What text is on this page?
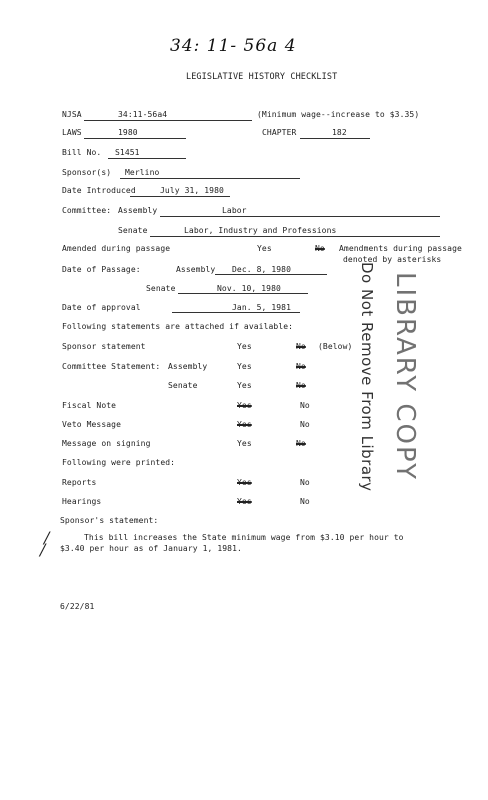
34: 11- 56a 4
LEGISLATIVE HISTORY CHECKLIST
NJSA	34:11-56a4	(Minimum wage--increase to $3.35)
LAWS	1980	CHAPTER	182
Bill No. S1451
Sponsor(s) Merlino
Date Introduced	July 31, 1980
Committee: Assembly	Labor
Senate	Labor, Industry and Professions
Amended during passage	Yes	No Amendments during passage
denoted by asterisks
Date of Passage:	Assembly Dec. 8, 1980
Senate	Nov. 10, 1980
Date of approval	Jan. 5, 1981
Following statements are attached if available:
Sponsor statement	Yes	No (Below)
Committee Statement: Assembly	Yes	No
Senate	Yes	No
Fiscal Note	Yes	No
Veto Message	Yes	No
Message on signing	Yes	No
Following were printed:
Reports	Yes	No
Hearings	Yes	No
Do Not Remove From Library LIBRARY COPY
Sponsor's statement:
/
/
This bill increases the State minimum wage from $3.10 per hour to
$3.40 per hour as of January 1, 1981.
6/22/81
